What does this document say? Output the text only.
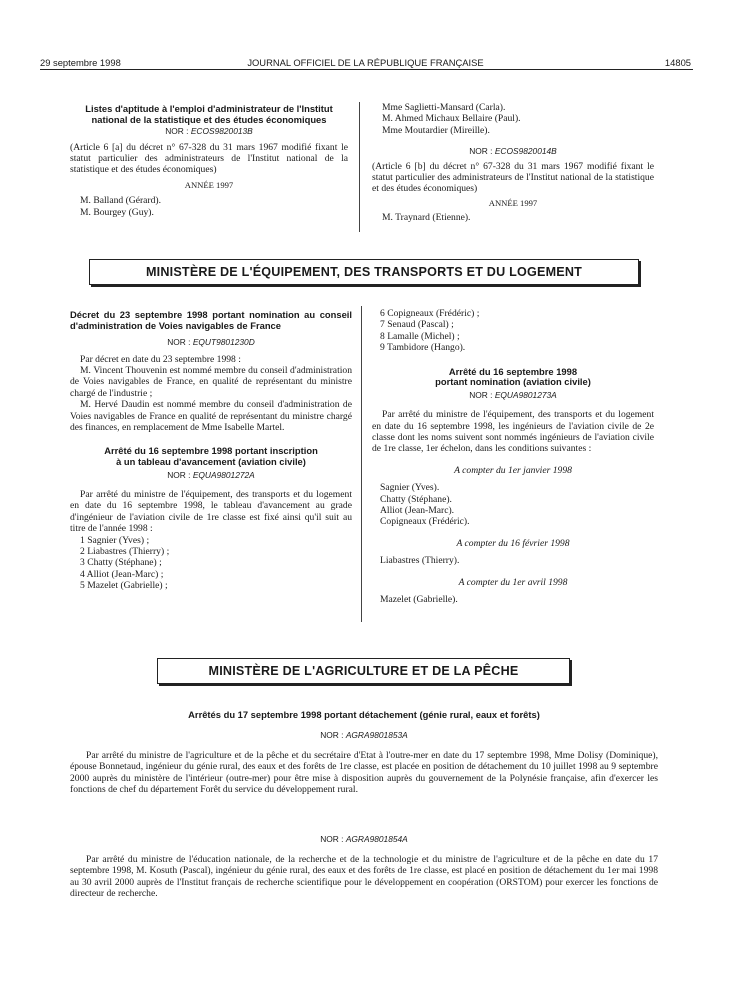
29 septembre 1998	JOURNAL OFFICIEL DE LA RÉPUBLIQUE FRANÇAISE	14805
Listes d'aptitude à l'emploi d'administrateur de l'Institut
national de la statistique et des études économiques
NOR : ECOS9820013B

(Article 6 [a] du décret n° 67-328 du 31 mars 1967 modifié fixant le statut particulier des administrateurs de l'Institut national de la statistique et des études économiques)

ANNÉE 1997

M. Balland (Gérard).

M. Bourgey (Guy).

Mme Saglietti-Mansard (Carla).

M. Ahmed Michaux Bellaire (Paul).

Mme Moutardier (Mireille).

NOR : ECOS9820014B

(Article 6 [b] du décret n° 67-328 du 31 mars 1967 modifié fixant le statut particulier des administrateurs de l'Institut national de la statistique et des études économiques)

ANNÉE 1997

M. Traynard (Etienne).

MINISTÈRE DE L'ÉQUIPEMENT, DES TRANSPORTS ET DU LOGEMENT
Décret du 23 septembre 1998 portant nomination au conseil d'administration de Voies navigables de France
NOR : EQUT9801230D

Par décret en date du 23 septembre 1998 :

M. Vincent Thouvenin est nommé membre du conseil d'administration de Voies navigables de France, en qualité de représentant du ministre chargé de l'industrie ;

M. Hervé Daudin est nommé membre du conseil d'administration de Voies navigables de France en qualité de représentant du ministre chargé des finances, en remplacement de Mme Isabelle Martel.

Arrêté du 16 septembre 1998 portant inscription
à un tableau d'avancement (aviation civile)
NOR : EQUA9801272A

Par arrêté du ministre de l'équipement, des transports et du logement en date du 16 septembre 1998, le tableau d'avancement au grade d'ingénieur de l'aviation civile de 1re classe est fixé ainsi qu'il suit au titre de l'année 1998 :

1 Sagnier (Yves) ;

2 Liabastres (Thierry) ;

3 Chatty (Stéphane) ;

4 Alliot (Jean-Marc) ;

5 Mazelet (Gabrielle) ;

6 Copigneaux (Frédéric) ;

7 Senaud (Pascal) ;

8 Lamalle (Michel) ;

9 Tambidore (Hango).

Arrêté du 16 septembre 1998
portant nomination (aviation civile)
NOR : EQUA9801273A

Par arrêté du ministre de l'équipement, des transports et du logement en date du 16 septembre 1998, les ingénieurs de l'aviation civile de 2e classe dont les noms suivent sont nommés ingénieurs de l'aviation civile de 1re classe, 1er échelon, dans les conditions suivantes :

A compter du 1er janvier 1998

Sagnier (Yves).

Chatty (Stéphane).

Alliot (Jean-Marc).

Copigneaux (Frédéric).

A compter du 16 février 1998

Liabastres (Thierry).

A compter du 1er avril 1998

Mazelet (Gabrielle).

MINISTÈRE DE L'AGRICULTURE ET DE LA PÊCHE
Arrêtés du 17 septembre 1998 portant détachement (génie rural, eaux et forêts)
NOR : AGRA9801853A

Par arrêté du ministre de l'agriculture et de la pêche et du secrétaire d'Etat à l'outre-mer en date du 17 septembre 1998, Mme Dolisy (Dominique), épouse Bonnetaud, ingénieur du génie rural, des eaux et des forêts de 1re classe, est placée en position de détachement du 10 juillet 1998 au 9 septembre 2000 auprès du ministère de l'intérieur (outre-mer) pour être mise à disposition auprès du gouvernement de la Polynésie française, afin d'exercer les fonctions de chef du département Forêt du service du développement rural.

NOR : AGRA9801854A

Par arrêté du ministre de l'éducation nationale, de la recherche et de la technologie et du ministre de l'agriculture et de la pêche en date du 17 septembre 1998, M. Kosuth (Pascal), ingénieur du génie rural, des eaux et des forêts de 1re classe, est placé en position de détachement du 1er mai 1998 au 30 avril 2000 auprès de l'Institut français de recherche scientifique pour le développement en coopération (ORSTOM) pour exercer les fonctions de directeur de recherche.
